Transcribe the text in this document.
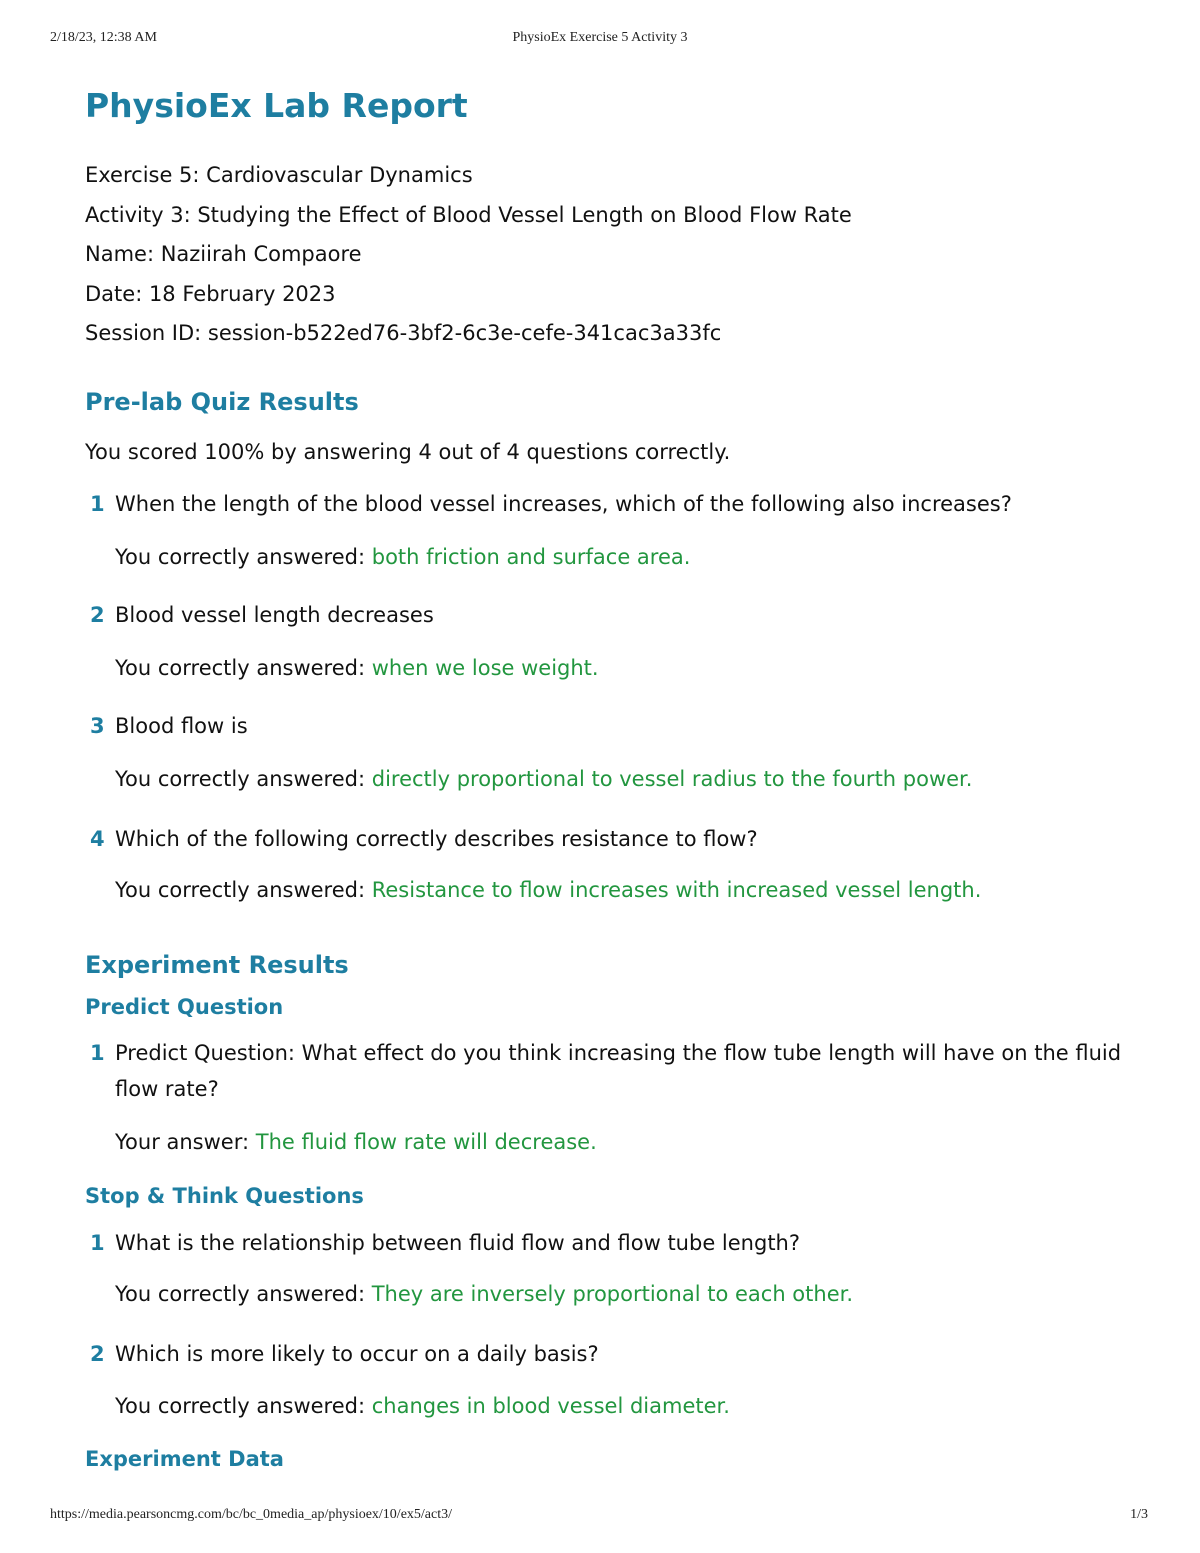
2/18/23, 12:38 AM	PhysioEx Exercise 5 Activity 3
PhysioEx Lab Report
Exercise 5: Cardiovascular Dynamics
Activity 3: Studying the Effect of Blood Vessel Length on Blood Flow Rate
Name: Naziirah Compaore
Date: 18 February 2023
Session ID: session-b522ed76-3bf2-6c3e-cefe-341cac3a33fc
Pre-lab Quiz Results
You scored 100% by answering 4 out of 4 questions correctly.
1 When the length of the blood vessel increases, which of the following also increases?
You correctly answered: both friction and surface area.
2 Blood vessel length decreases
You correctly answered: when we lose weight.
3 Blood flow is
You correctly answered: directly proportional to vessel radius to the fourth power.
4 Which of the following correctly describes resistance to flow?
You correctly answered: Resistance to flow increases with increased vessel length.
Experiment Results
Predict Question
1 Predict Question: What effect do you think increasing the flow tube length will have on the fluid flow rate?
Your answer: The fluid flow rate will decrease.
Stop & Think Questions
1 What is the relationship between fluid flow and flow tube length?
You correctly answered: They are inversely proportional to each other.
2 Which is more likely to occur on a daily basis?
You correctly answered: changes in blood vessel diameter.
Experiment Data
https://media.pearsoncmg.com/bc/bc_0media_ap/physioex/10/ex5/act3/	1/3
